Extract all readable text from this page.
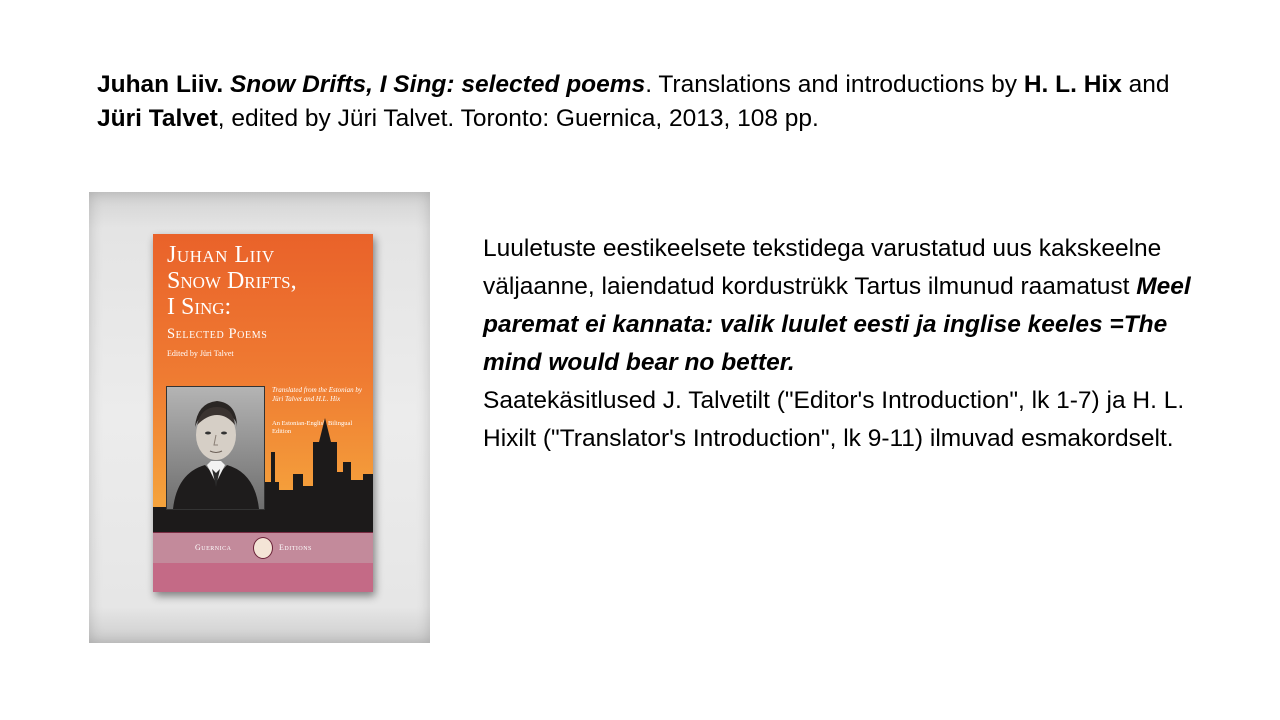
Juhan Liiv. Snow Drifts, I Sing: selected poems. Translations and introductions by H. L. Hix and Jüri Talvet, edited by Jüri Talvet. Toronto: Guernica, 2013, 108 pp.
Juhan Liiv
Snow Drifts,
I Sing:
Selected Poems
Edited by Jüri Talvet
Translated from the Estonian by Jüri Talvet and H.L. Hix
An Estonian-English Bilingual Edition
Guernica	Editions

Luuletuste eestikeelsete tekstidega varustatud uus kakskeelne väljaanne, laiendatud kordustrükk Tartus ilmunud raamatust Meel paremat ei kannata: valik luulet eesti ja inglise keeles =The mind would bear no better.

Saatekäsitlused J. Talvetilt ("Editor's Introduction", lk 1-7) ja H. L. Hixilt ("Translator's Introduction", lk 9-11) ilmuvad esmakordselt.
